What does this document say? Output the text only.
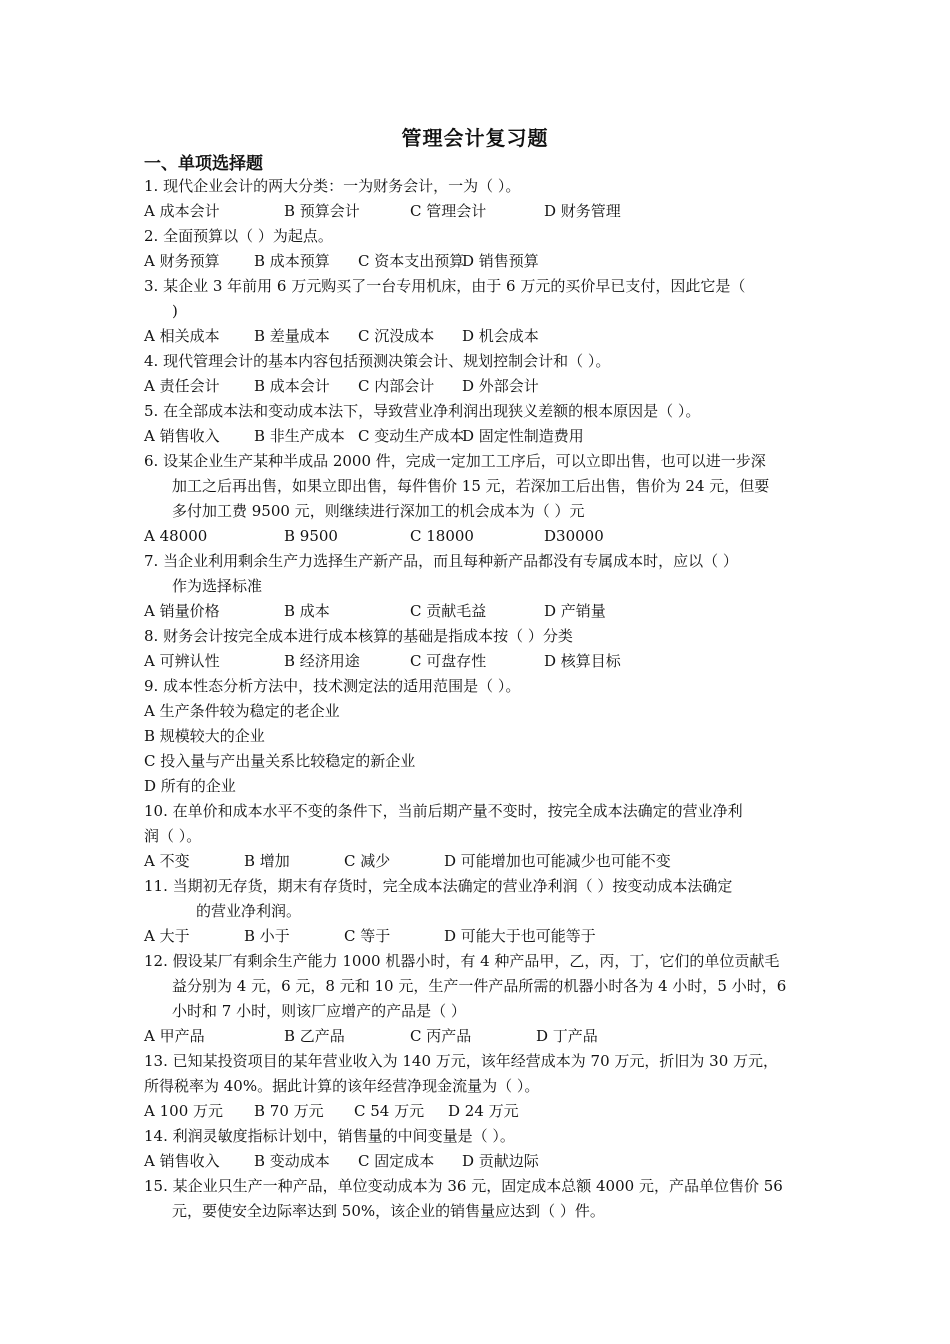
管理会计复习题
一、单项选择题
1. 现代企业会计的两大分类：一为财务会计，一为（ ）。
A 成本会计	B 预算会计	C 管理会计	D 财务管理
2. 全面预算以（ ）为起点。
A 财务预算 B 成本预算 C 资本支出预算
D 销售预算
3. 某企业 3 年前用 6 万元购买了一台专用机床，由于 6 万元的买价早已支付，因此它是（
)
A 相关成本 B 差量成本 C 沉没成本 D 机会成本
4. 现代管理会计的基本内容包括预测决策会计、规划控制会计和（ ）。
A 责任会计 B 成本会计 C 内部会计 D 外部会计
5. 在全部成本法和变动成本法下，导致营业净利润出现狭义差额的根本原因是（ ）。
A 销售收入 B 非生产成本 C 变动生产成本
D 固定性制造费用
6. 设某企业生产某种半成品 2000 件，完成一定加工工序后，可以立即出售，也可以进一步深
加工之后再出售，如果立即出售，每件售价 15 元，若深加工后出售，售价为 24 元，但要
多付加工费 9500 元，则继续进行深加工的机会成本为（ ）元
A 48000	B 9500	C 18000	D30000
7. 当企业利用剩余生产力选择生产新产品，而且每种新产品都没有专属成本时，应以（ ）
作为选择标准
A 销量价格	B 成本	C 贡献毛益	D 产销量
8. 财务会计按完全成本进行成本核算的基础是指成本按（ ）分类
A 可辨认性	B 经济用途	C 可盘存性	D 核算目标
9. 成本性态分析方法中，技术测定法的适用范围是（ ）。
A 生产条件较为稳定的老企业
B 规模较大的企业
C 投入量与产出量关系比较稳定的新企业
D 所有的企业
10. 在单价和成本水平不变的条件下，当前后期产量不变时，按完全成本法确定的营业净利
润（ ）。
A 不变	B 增加	C 减少	D 可能增加也可能减少也可能不变
11. 当期初无存货，期末有存货时，完全成本法确定的营业净利润（ ）按变动成本法确定
的营业净利润。
A 大于	B 小于	C 等于	D 可能大于也可能等于
12. 假设某厂有剩余生产能力 1000 机器小时，有 4 种产品甲，乙，丙，丁，它们的单位贡献毛
益分别为 4 元，6 元，8 元和 10 元，生产一件产品所需的机器小时各为 4 小时，5 小时，6
小时和 7 小时，则该厂应增产的产品是（ ）
A 甲产品	B 乙产品	C 丙产品	D 丁产品
13. 已知某投资项目的某年营业收入为 140 万元，该年经营成本为 70 万元，折旧为 30 万元，
所得税率为 40%。据此计算的该年经营净现金流量为（ ）。
A 100 万元 B 70 万元 C 54 万元 D 24 万元
14. 利润灵敏度指标计划中，销售量的中间变量是（ ）。
A 销售收入 B 变动成本 C 固定成本 D 贡献边际
15. 某企业只生产一种产品，单位变动成本为 36 元，固定成本总额 4000 元，产品单位售价 56
元，要使安全边际率达到 50%，该企业的销售量应达到（ ）件。
